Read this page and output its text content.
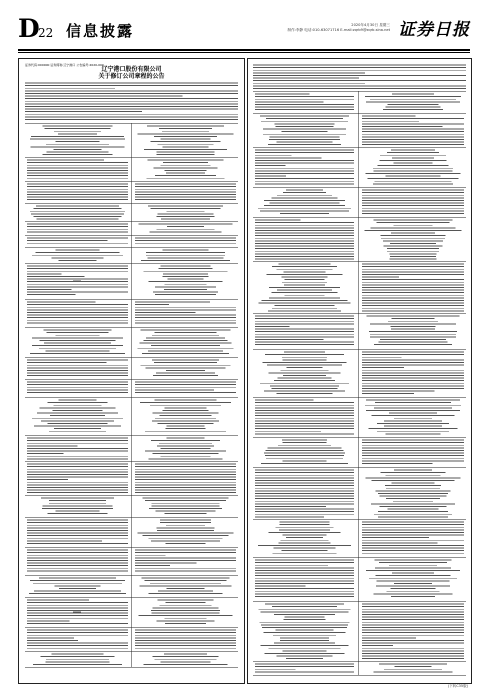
D
22 信息披露	2020年4月30日 星期三
制作:李静 电话:010-63071716 E-mail:zqrb9@zqrb.sina.net 证券日报
证券代码:000000 证券简称:辽宁港口 公告编号:2020-000
辽宁港口股份有限公司
关于修订公司章程的公告
(下转C35版)
